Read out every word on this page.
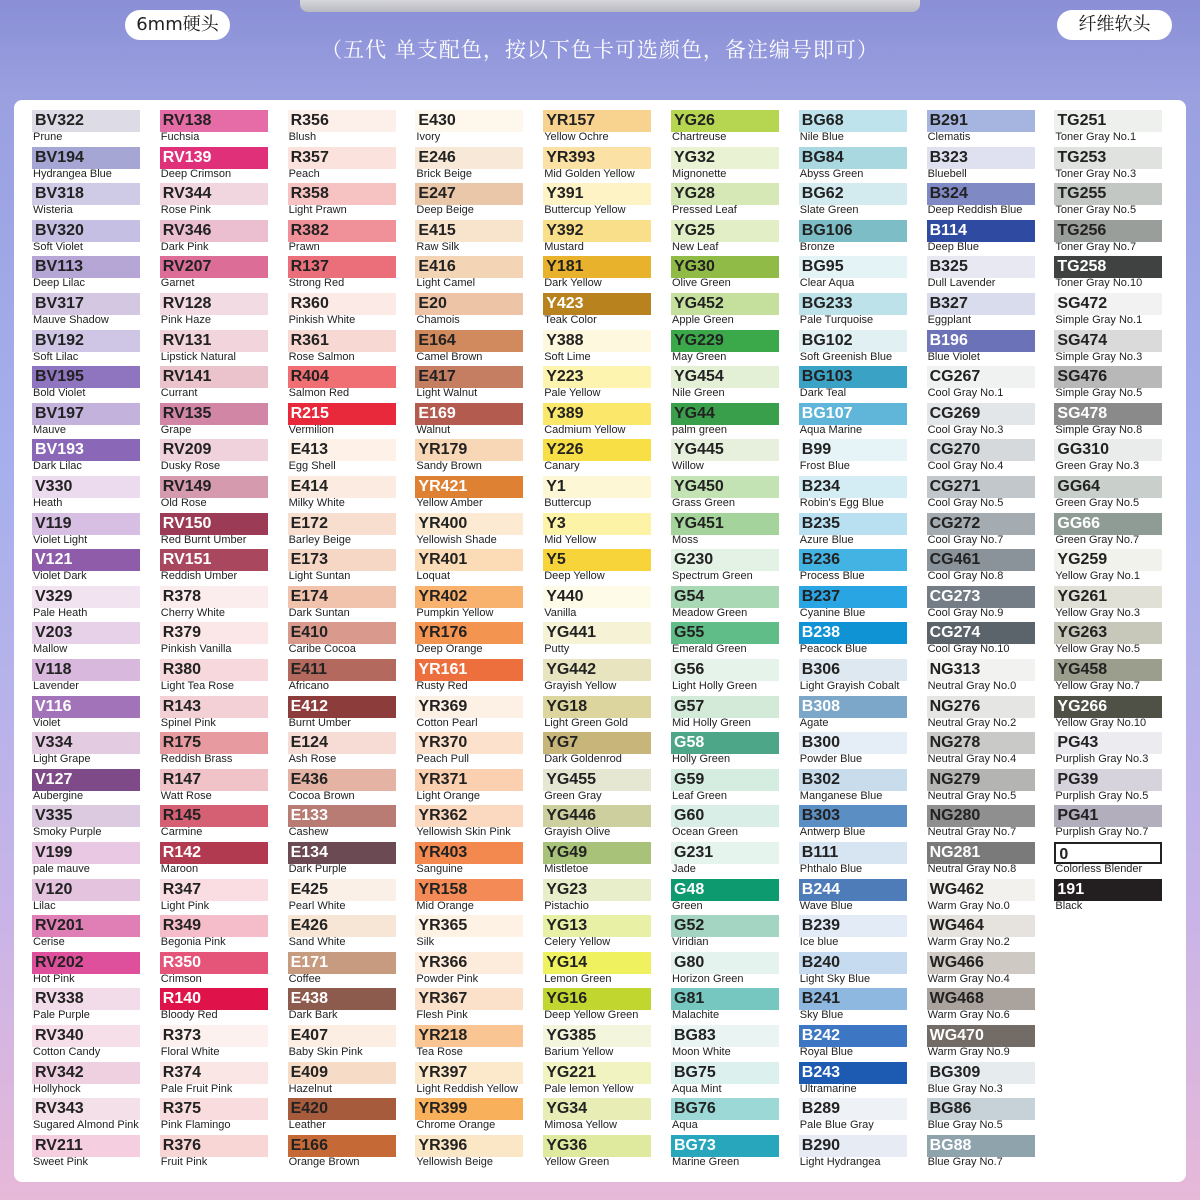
6mm硬头	纤维软头
（五代 单支配色，按以下色卡可选颜色，备注编号即可）
BV322
Prune
BV194
Hydrangea Blue
BV318
Wisteria
BV320
Soft Violet
BV113
Deep Lilac
BV317
Mauve Shadow
BV192
Soft Lilac
BV195
Bold Violet
BV197
Mauve
BV193
Dark Lilac
V330
Heath
V119
Violet Light
V121
Violet Dark
V329
Pale Heath
V203
Mallow
V118
Lavender
V116
Violet
V334
Light Grape
V127
Aubergine
V335
Smoky Purple
V199
pale mauve
V120
Lilac
RV201
Cerise
RV202
Hot Pink
RV338
Pale Purple
RV340
Cotton Candy
RV342
Hollyhock
RV343
Sugared Almond Pink
RV211
Sweet Pink
RV138
Fuchsia
RV139
Deep Crimson
RV344
Rose Pink
RV346
Dark Pink
RV207
Garnet
RV128
Pink Haze
RV131
Lipstick Natural
RV141
Currant
RV135
Grape
RV209
Dusky Rose
RV149
Old Rose
RV150
Red Burnt Umber
RV151
Reddish Umber
R378
Cherry White
R379
Pinkish Vanilla
R380
Light Tea Rose
R143
Spinel Pink
R175
Reddish Brass
R147
Watt Rose
R145
Carmine
R142
Maroon
R347
Light Pink
R349
Begonia Pink
R350
Crimson
R140
Bloody Red
R373
Floral White
R374
Pale Fruit Pink
R375
Pink Flamingo
R376
Fruit Pink
R356
Blush
R357
Peach
R358
Light Prawn
R382
Prawn
R137
Strong Red
R360
Pinkish White
R361
Rose Salmon
R404
Salmon Red
R215
Vermilion
E413
Egg Shell
E414
Milky White
E172
Barley Beige
E173
Light Suntan
E174
Dark Suntan
E410
Caribe Cocoa
E411
Africano
E412
Burnt Umber
E124
Ash Rose
E436
Cocoa Brown
E133
Cashew
E134
Dark Purple
E425
Pearl White
E426
Sand White
E171
Coffee
E438
Dark Bark
E407
Baby Skin Pink
E409
Hazelnut
E420
Leather
E166
Orange Brown
E430
Ivory
E246
Brick Beige
E247
Deep Beige
E415
Raw Silk
E416
Light Camel
E20
Chamois
E164
Camel Brown
E417
Light Walnut
E169
Walnut
YR179
Sandy Brown
YR421
Yellow Amber
YR400
Yellowish Shade
YR401
Loquat
YR402
Pumpkin Yellow
YR176
Deep Orange
YR161
Rusty Red
YR369
Cotton Pearl
YR370
Peach Pull
YR371
Light Orange
YR362
Yellowish Skin Pink
YR403
Sanguine
YR158
Mid Orange
YR365
Silk
YR366
Powder Pink
YR367
Flesh Pink
YR218
Tea Rose
YR397
Light Reddish Yellow
YR399
Chrome Orange
YR396
Yellowish Beige
YR157
Yellow Ochre
YR393
Mid Golden Yellow
Y391
Buttercup Yellow
Y392
Mustard
Y181
Dark Yellow
Y423
Teak Color
Y388
Soft Lime
Y223
Pale Yellow
Y389
Cadmium Yellow
Y226
Canary
Y1
Buttercup
Y3
Mid Yellow
Y5
Deep Yellow
Y440
Vanilla
YG441
Putty
YG442
Grayish Yellow
YG18
Light Green Gold
YG7
Dark Goldenrod
YG455
Green Gray
YG446
Grayish Olive
YG49
Mistletoe
YG23
Pistachio
YG13
Celery Yellow
YG14
Lemon Green
YG16
Deep Yellow Green
YG385
Barium Yellow
YG221
Pale lemon Yellow
YG34
Mimosa Yellow
YG36
Yellow Green
YG26
Chartreuse
YG32
Mignonette
YG28
Pressed Leaf
YG25
New Leaf
YG30
Olive Green
YG452
Apple Green
YG229
May Green
YG454
Nile Green
YG44
palm green
YG445
Willow
YG450
Grass Green
YG451
Moss
G230
Spectrum Green
G54
Meadow Green
G55
Emerald Green
G56
Light Holly Green
G57
Mid Holly Green
G58
Holly Green
G59
Leaf Green
G60
Ocean Green
G231
Jade
G48
Green
G52
Viridian
G80
Horizon Green
G81
Malachite
BG83
Moon White
BG75
Aqua Mint
BG76
Aqua
BG73
Marine Green
BG68
Nile Blue
BG84
Abyss Green
BG62
Slate Green
BG106
Bronze
BG95
Clear Aqua
BG233
Pale Turquoise
BG102
Soft Greenish Blue
BG103
Dark Teal
BG107
Aqua Marine
B99
Frost Blue
B234
Robin's Egg Blue
B235
Azure Blue
B236
Process Blue
B237
Cyanine Blue
B238
Peacock Blue
B306
Light Grayish Cobalt
B308
Agate
B300
Powder Blue
B302
Manganese Blue
B303
Antwerp Blue
B111
Phthalo Blue
B244
Wave Blue
B239
Ice blue
B240
Light Sky Blue
B241
Sky Blue
B242
Royal Blue
B243
Ultramarine
B289
Pale Blue Gray
B290
Light Hydrangea
B291
Clematis
B323
Bluebell
B324
Deep Reddish Blue
B114
Deep Blue
B325
Dull Lavender
B327
Eggplant
B196
Blue Violet
CG267
Cool Gray No.1
CG269
Cool Gray No.3
CG270
Cool Gray No.4
CG271
Cool Gray No.5
CG272
Cool Gray No.7
CG461
Cool Gray No.8
CG273
Cool Gray No.9
CG274
Cool Gray No.10
NG313
Neutral Gray No.0
NG276
Neutral Gray No.2
NG278
Neutral Gray No.4
NG279
Neutral Gray No.5
NG280
Neutral Gray No.7
NG281
Neutral Gray No.8
WG462
Warm Gray No.0
WG464
Warm Gray No.2
WG466
Warm Gray No.4
WG468
Warm Gray No.6
WG470
Warm Gray No.9
BG309
Blue Gray No.3
BG86
Blue Gray No.5
BG88
Blue Gray No.7
TG251
Toner Gray No.1
TG253
Toner Gray No.3
TG255
Toner Gray No.5
TG256
Toner Gray No.7
TG258
Toner Gray No.10
SG472
Simple Gray No.1
SG474
Simple Gray No.3
SG476
Simple Gray No.5
SG478
Simple Gray No.8
GG310
Green Gray No.3
GG64
Green Gray No.5
GG66
Green Gray No.7
YG259
Yellow Gray No.1
YG261
Yellow Gray No.3
YG263
Yellow Gray No.5
YG458
Yellow Gray No.7
YG266
Yellow Gray No.10
PG43
Purplish Gray No.3
PG39
Purplish Gray No.5
PG41
Purplish Gray No.7
0
Colorless Blender
191
Black
